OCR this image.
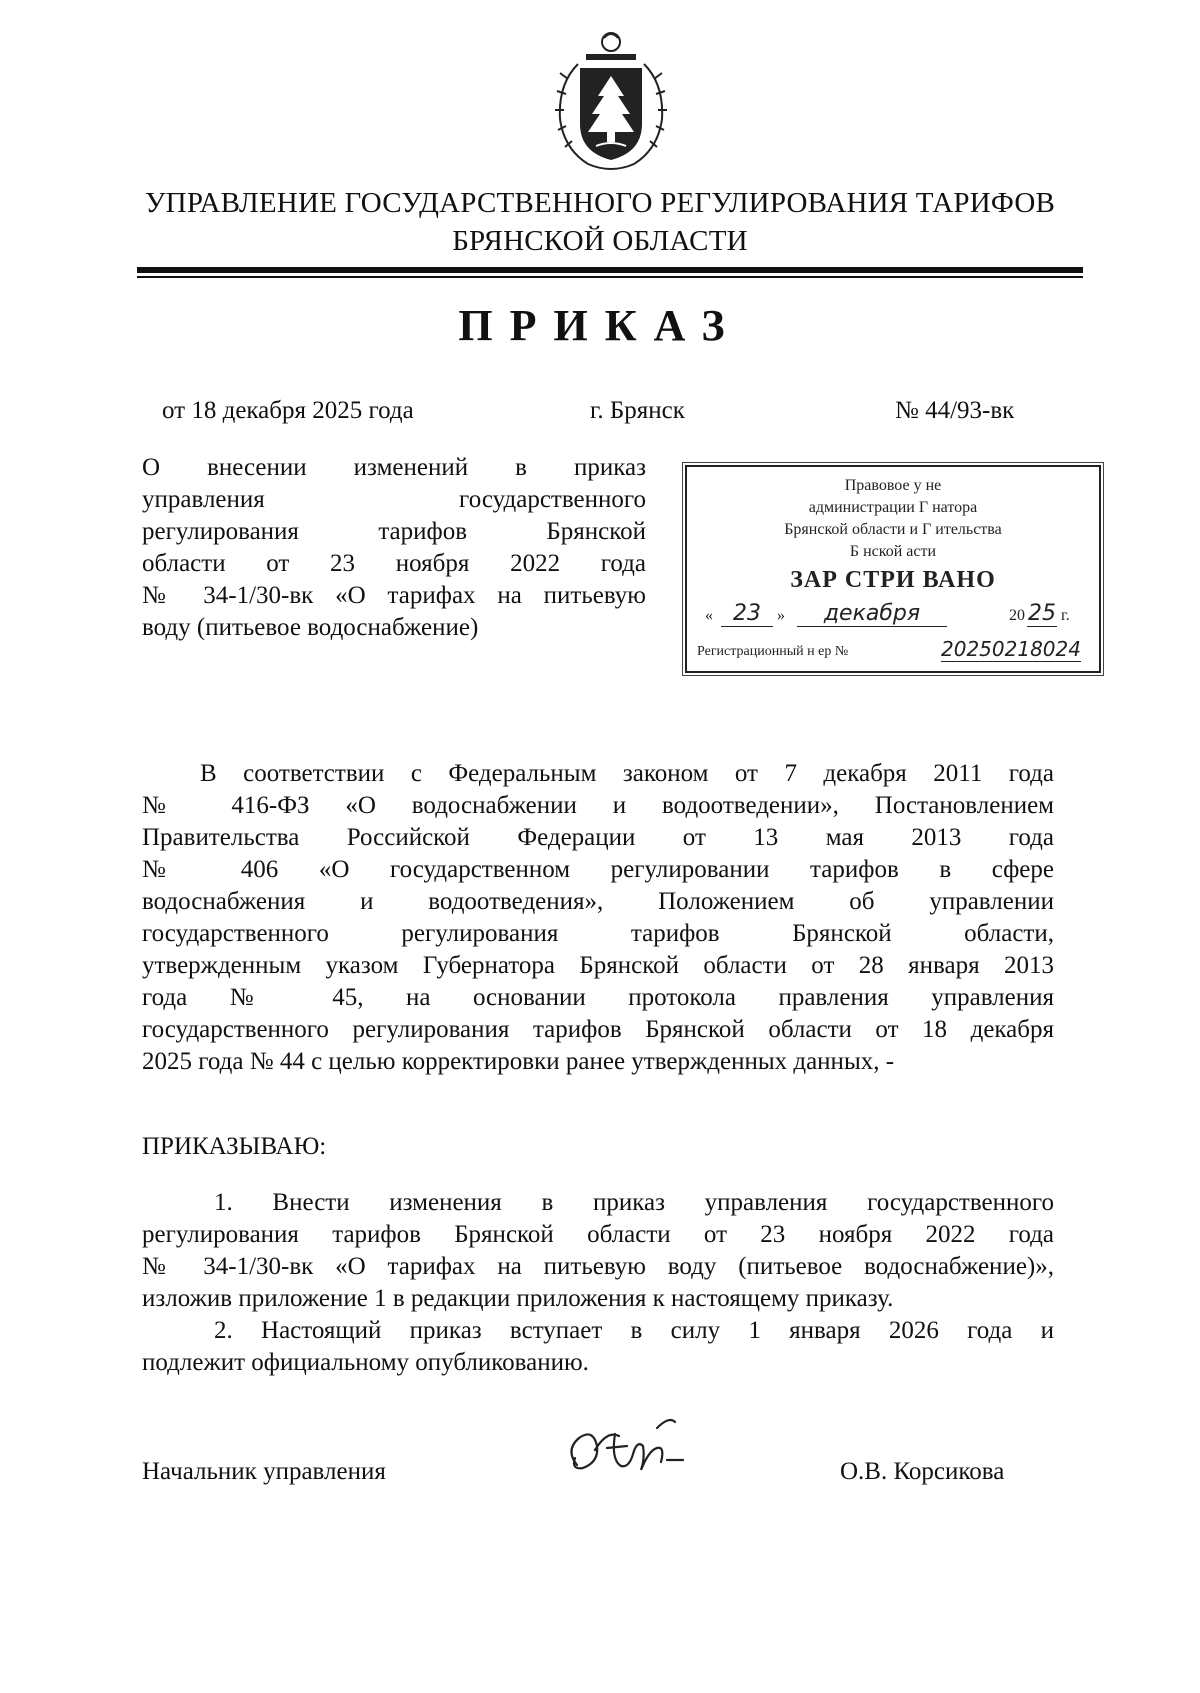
УПРАВЛЕНИЕ ГОСУДАРСТВЕННОГО РЕГУЛИРОВАНИЯ ТАРИФОВ
БРЯНСКОЙ ОБЛАСТИ
ПРИКАЗ
от 18 декабря 2025 года	г. Брянск	№ 44/93-вк
О внесении изменений в приказ
управления государственного
регулирования тарифов Брянской
области от 23 ноября 2022 года
№ 34-1/30-вк «О тарифах на питьевую
воду (питьевое водоснабжение)
Правовое у не
администрации Г натора
Брянской области и Г ительства
Б нской асти
ЗАР СТРИ ВАНО
« 23	»	декабря	20 25 г.
Регистрационный н ер №	20250218024
В соответствии с Федеральным законом от 7 декабря 2011 года
№ 416-ФЗ «О водоснабжении и водоотведении», Постановлением
Правительства Российской Федерации от 13 мая 2013 года
№ 406 «О государственном регулировании тарифов в сфере
водоснабжения и водоотведения», Положением об управлении
государственного регулирования тарифов Брянской области,
утвержденным указом Губернатора Брянской области от 28 января 2013
года № 45, на основании протокола правления управления
государственного регулирования тарифов Брянской области от 18 декабря
2025 года № 44 с целью корректировки ранее утвержденных данных, -
ПРИКАЗЫВАЮ:
1. Внести изменения в приказ управления государственного
регулирования тарифов Брянской области от 23 ноября 2022 года
№ 34-1/30-вк «О тарифах на питьевую воду (питьевое водоснабжение)»,
изложив приложение 1 в редакции приложения к настоящему приказу.
2. Настоящий приказ вступает в силу 1 января 2026 года и
подлежит официальному опубликованию.
Начальник управления	О.В. Корсикова
